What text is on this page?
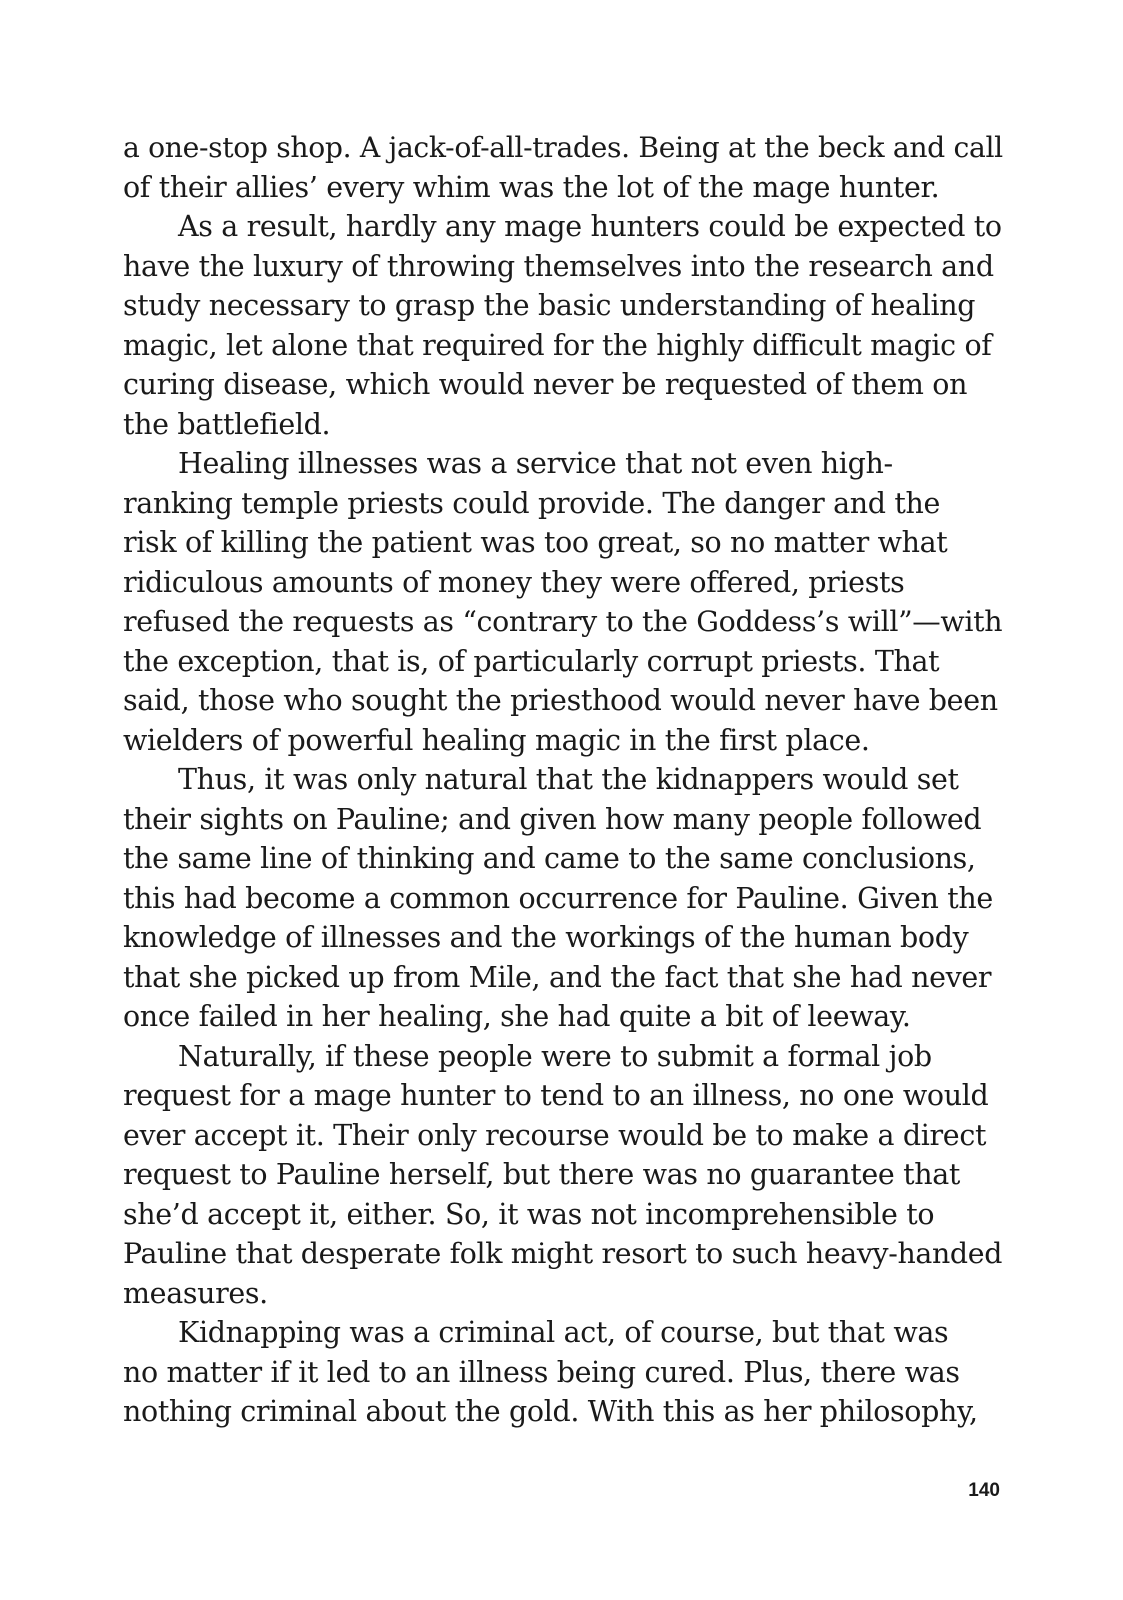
a one-stop shop. A jack-of-all-trades. Being at the beck and call
of their allies’ every whim was the lot of the mage hunter.
As a result, hardly any mage hunters could be expected to
have the luxury of throwing themselves into the research and
study necessary to grasp the basic understanding of healing
magic, let alone that required for the highly difficult magic of
curing disease, which would never be requested of them on
the battlefield.
Healing illnesses was a service that not even high-
ranking temple priests could provide. The danger and the
risk of killing the patient was too great, so no matter what
ridiculous amounts of money they were offered, priests
refused the requests as “contrary to the Goddess’s will”—with
the exception, that is, of particularly corrupt priests. That
said, those who sought the priesthood would never have been
wielders of powerful healing magic in the first place.
Thus, it was only natural that the kidnappers would set
their sights on Pauline; and given how many people followed
the same line of thinking and came to the same conclusions,
this had become a common occurrence for Pauline. Given the
knowledge of illnesses and the workings of the human body
that she picked up from Mile, and the fact that she had never
once failed in her healing, she had quite a bit of leeway.
Naturally, if these people were to submit a formal job
request for a mage hunter to tend to an illness, no one would
ever accept it. Their only recourse would be to make a direct
request to Pauline herself, but there was no guarantee that
she’d accept it, either. So, it was not incomprehensible to
Pauline that desperate folk might resort to such heavy-handed
measures.
Kidnapping was a criminal act, of course, but that was
no matter if it led to an illness being cured. Plus, there was
nothing criminal about the gold. With this as her philosophy,
140
